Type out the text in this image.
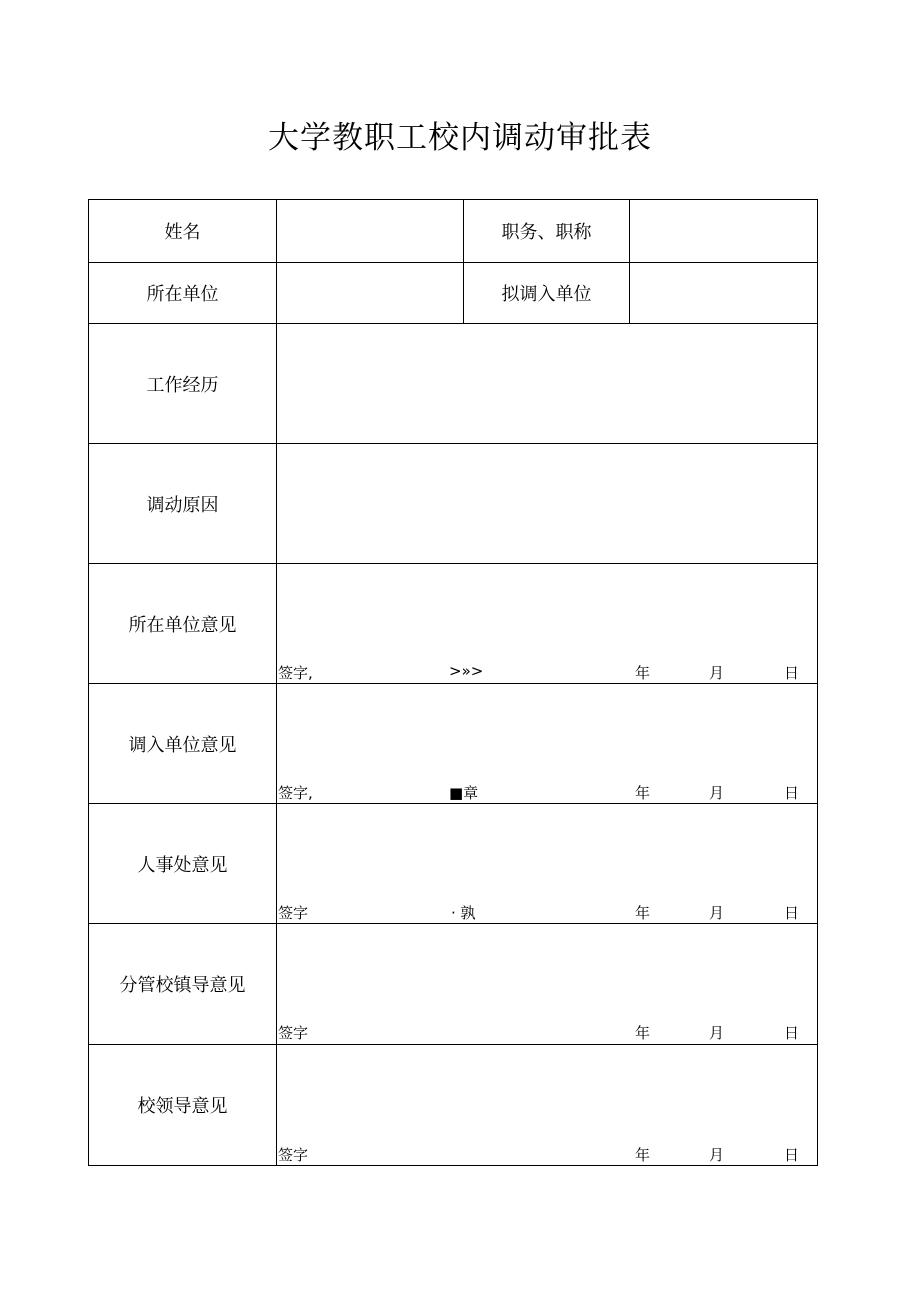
大学教职工校内调动审批表
姓名	职务、职称
所在单位	拟调入单位
工作经历
调动原因
所在单位意见
签字,	>»>	年	月	日
调入单位意见
签字,	■章	年	月	日
人事处意见
签字	· 孰	年	月	日
分管校镇导意见
签字	年	月	日
校领导意见
签字	年	月	日
